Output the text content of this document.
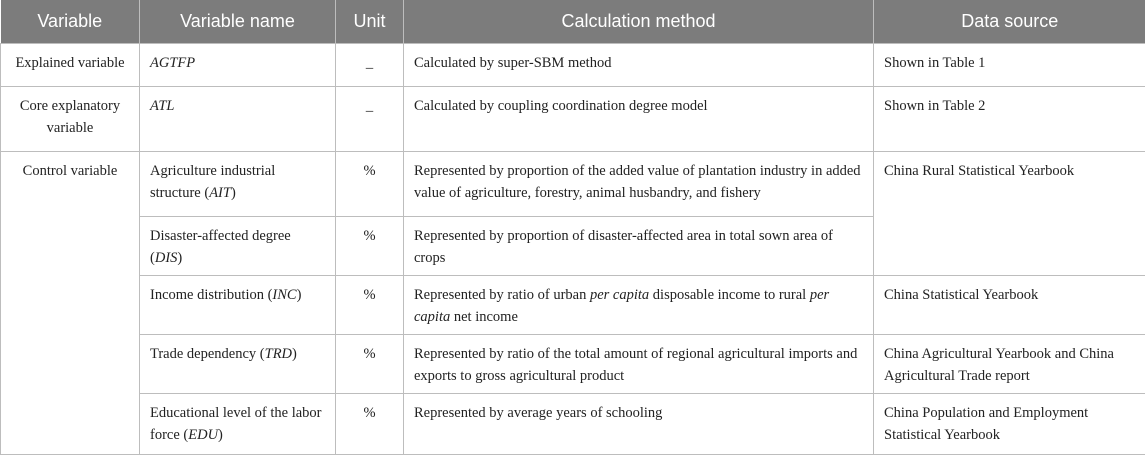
Variable	Variable name	Unit	Calculation method	Data source
Explained variable	AGTFP	_	Calculated by super-SBM method	Shown in Table 1
Core explanatory variable	ATL	_	Calculated by coupling coordination degree model	Shown in Table 2
Control variable	Agriculture industrial structure (AIT)	%	Represented by proportion of the added value of plantation industry in added value of agriculture, forestry, animal husbandry, and fishery	China Rural Statistical Yearbook
	Disaster-affected degree (DIS)	%	Represented by proportion of disaster-affected area in total sown area of crops	
	Income distribution (INC)	%	Represented by ratio of urban per capita disposable income to rural per capita net income	China Statistical Yearbook
	Trade dependency (TRD)	%	Represented by ratio of the total amount of regional agricultural imports and exports to gross agricultural product	China Agricultural Yearbook and China Agricultural Trade report
	Educational level of the labor force (EDU)	%	Represented by average years of schooling	China Population and Employment Statistical Yearbook
